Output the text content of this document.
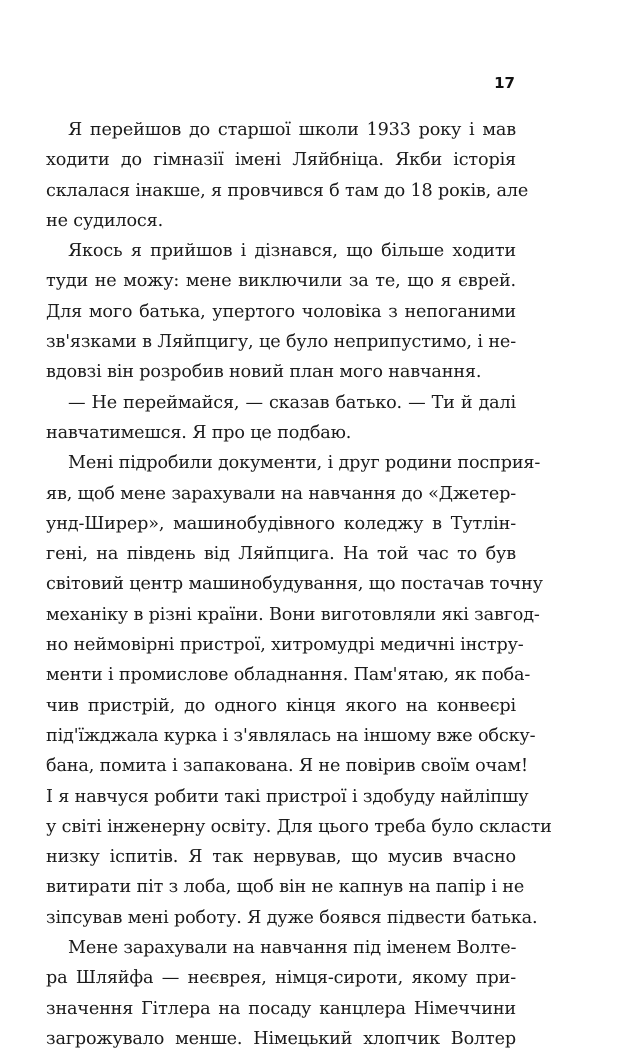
17
Я перейшов до старшої школи 1933 року і мав
ходити до гімназії імені Ляйбніца. Якби історія
склалася інакше, я провчився б там до 18 років, але
не судилося.
Якось я прийшов і дізнався, що більше ходити
туди не можу: мене виключили за те, що я єврей.
Для мого батька, упертого чоловіка з непоганими
зв'язками в Ляйпцигу, це було неприпустимо, і не-
вдовзі він розробив новий план мого навчання.
— Не переймайся, — сказав батько. — Ти й далі
навчатимешся. Я про це подбаю.
Мені підробили документи, і друг родини посприя-
яв, щоб мене зарахували на навчання до «Джетер-
унд-Ширер», машинобудівного коледжу в Тутлін-
гені, на південь від Ляйпцига. На той час то був
світовий центр машинобудування, що постачав точну
механіку в різні країни. Вони виготовляли які завгод-
но неймовірні пристрої, хитромудрі медичні інстру-
менти і промислове обладнання. Пам'ятаю, як поба-
чив пристрій, до одного кінця якого на конвеєрі
під'їжджала курка і з'являлась на іншому вже обску-
бана, помита і запакована. Я не повірив своїм очам!
І я навчуся робити такі пристрої і здобуду найліпшу
у світі інженерну освіту. Для цього треба було скласти
низку іспитів. Я так нервував, що мусив вчасно
витирати піт з лоба, щоб він не капнув на папір і не
зіпсував мені роботу. Я дуже боявся підвести батька.
Мене зарахували на навчання під іменем Волте-
ра Шляйфа — неєврея, німця-сироти, якому при-
значення Гітлера на посаду канцлера Німеччини
загрожувало менше. Німецький хлопчик Волтер
